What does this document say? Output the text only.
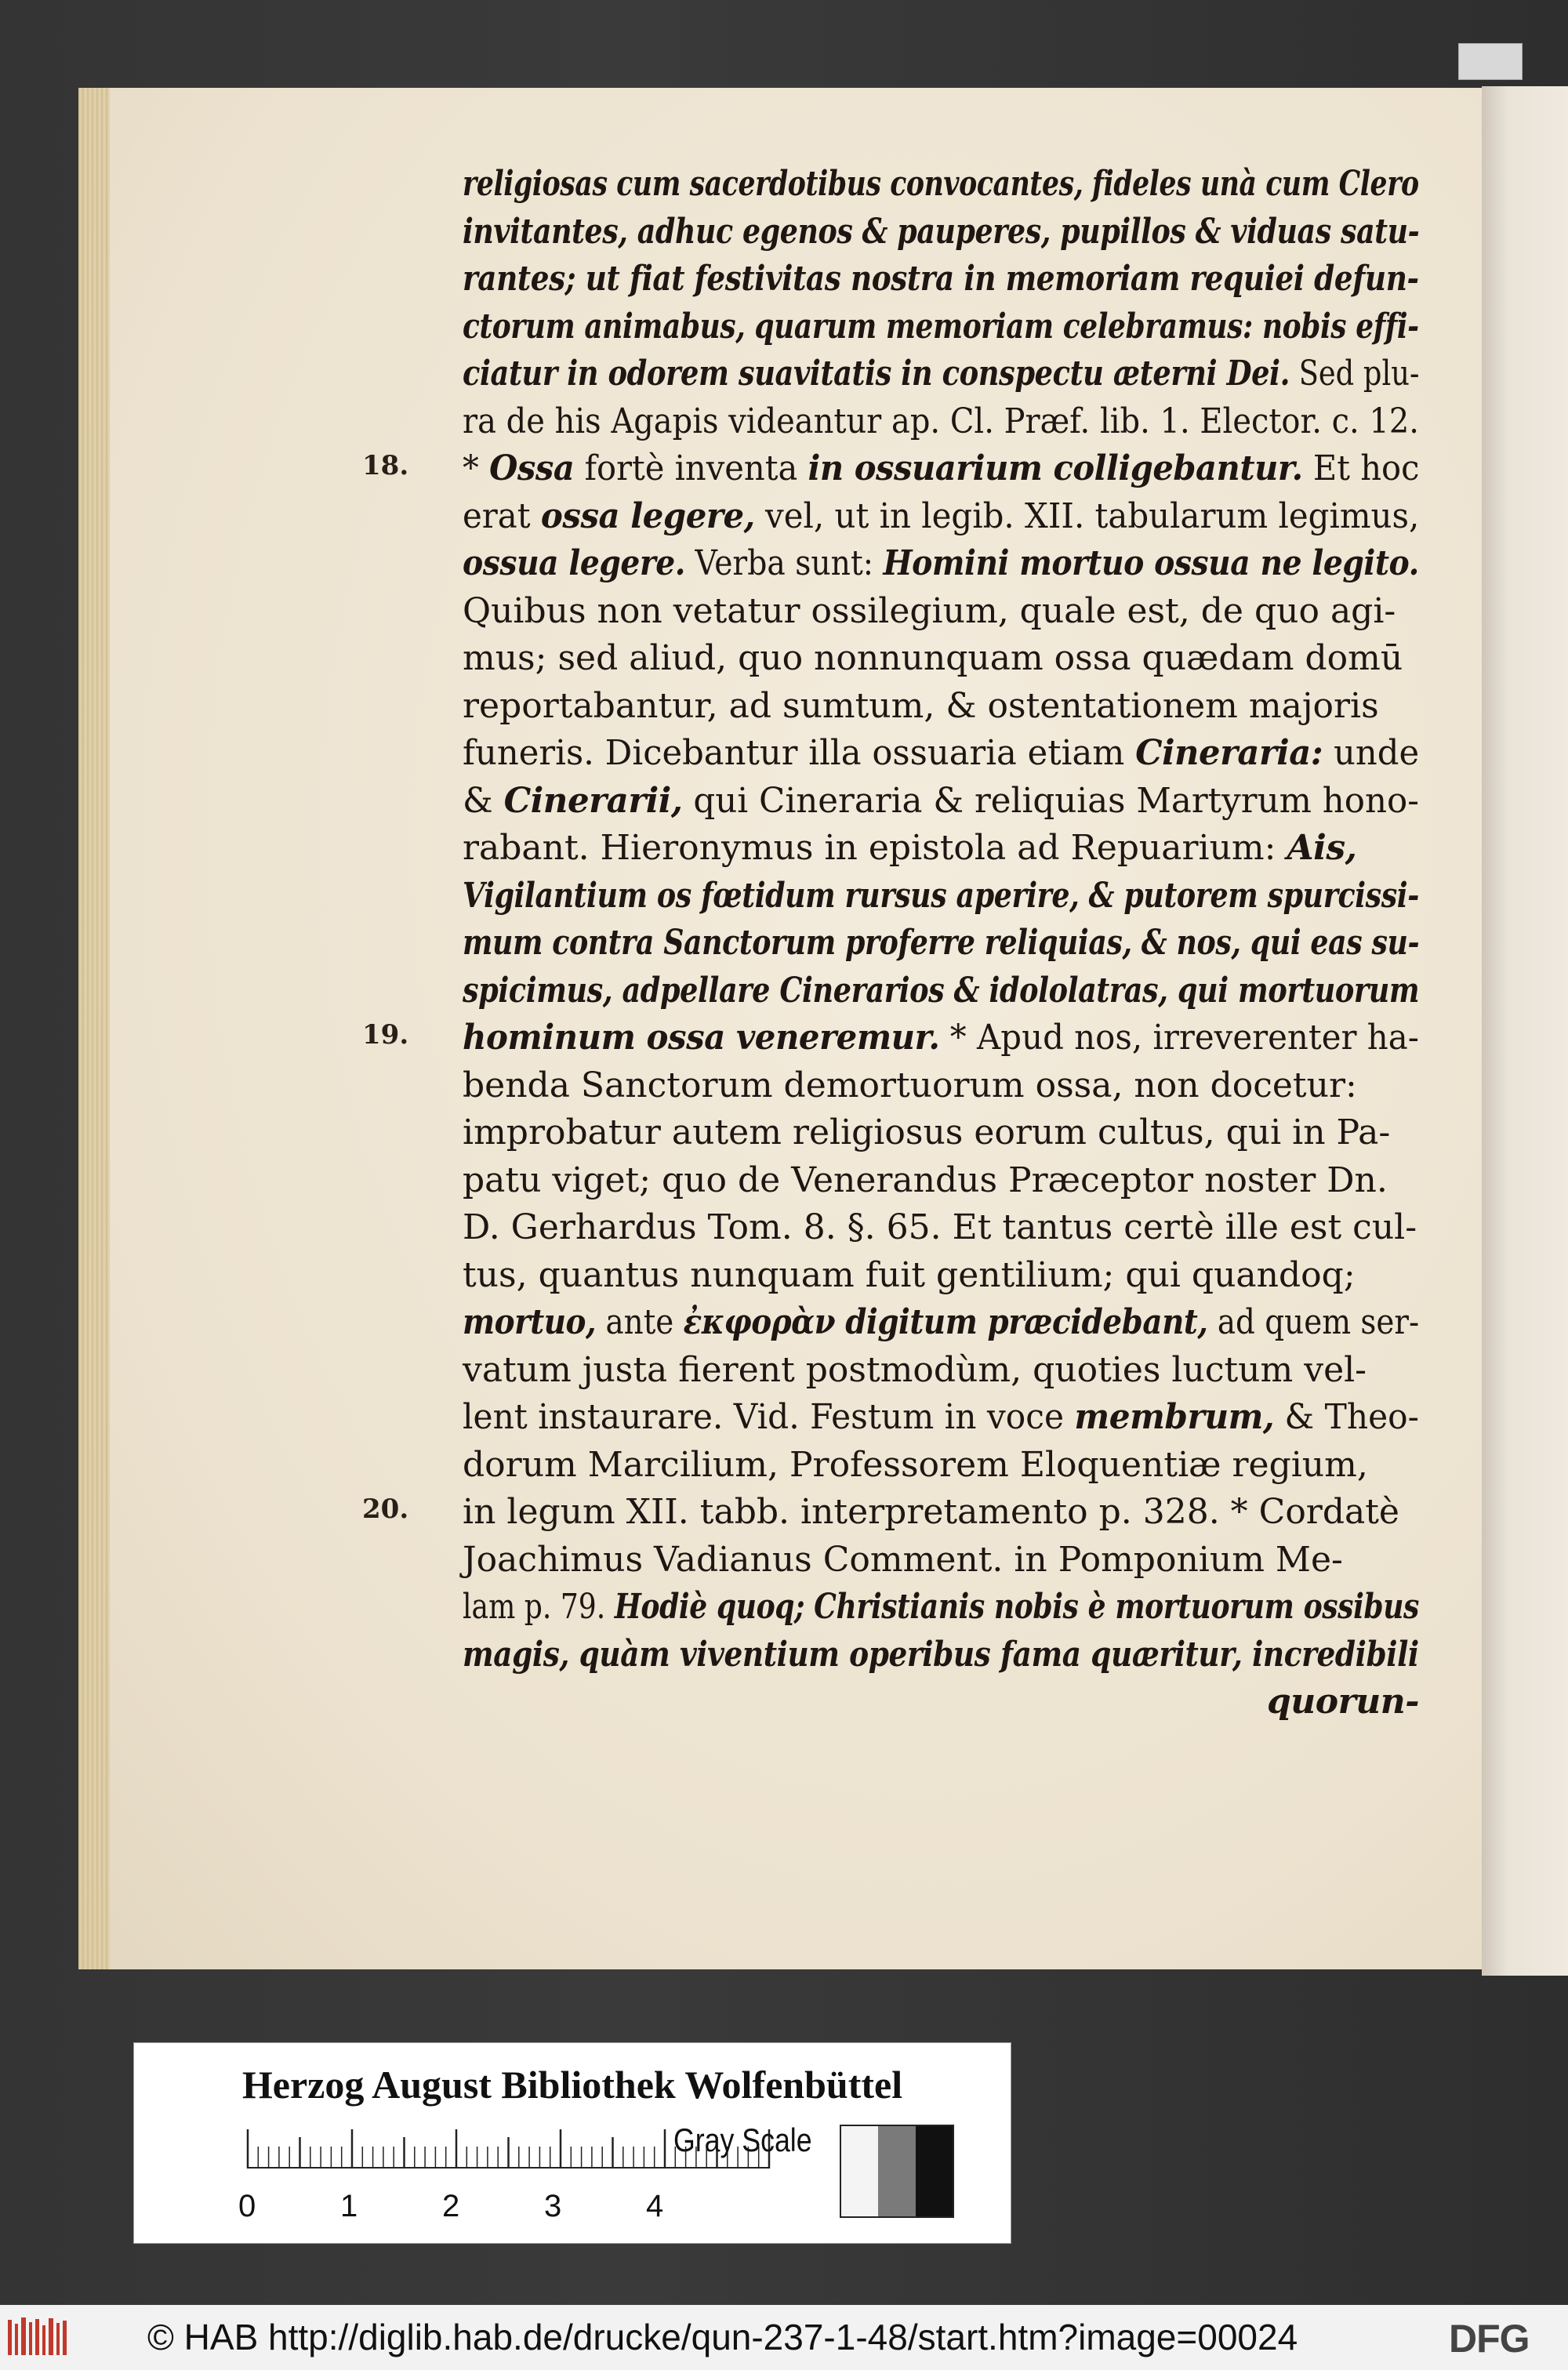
religiosas cum sacerdotibus convocantes, fideles unà cum Clero
invitantes, adhuc egenos & pauperes, pupillos & viduas satu-
rantes; ut fiat festivitas nostra in memoriam requiei defun-
ctorum animabus, quarum memoriam celebramus: nobis effi-
ciatur in odorem suavitatis in conspectu æterni Dei. Sed plu-
ra de his Agapis videantur ap. Cl. Præf. lib. 1. Elector. c. 12.
* Ossa fortè inventa in ossuarium colligebantur. Et hoc
erat ossa legere, vel, ut in legib. XII. tabularum legimus,
ossua legere. Verba sunt: Homini mortuo ossua ne legito.
Quibus non vetatur ossilegium, quale est, de quo agi-
mus; sed aliud, quo nonnunquam ossa quædam domū
reportabantur, ad sumtum, & ostentationem majoris
funeris. Dicebantur illa ossuaria etiam Cineraria: unde
& Cinerarii, qui Cineraria & reliquias Martyrum hono-
rabant. Hieronymus in epistola ad Repuarium: Ais,
Vigilantium os fœtidum rursus aperire, & putorem spurcissi-
mum contra Sanctorum proferre reliquias, & nos, qui eas su-
spicimus, adpellare Cinerarios & idololatras, qui mortuorum
hominum ossa veneremur. * Apud nos, irreverenter ha-
benda Sanctorum demortuorum ossa, non docetur:
improbatur autem religiosus eorum cultus, qui in Pa-
patu viget; quo de Venerandus Præceptor noster Dn.
D. Gerhardus Tom. 8. §. 65. Et tantus certè ille est cul-
tus, quantus nunquam fuit gentilium; qui quandoq;
mortuo, ante ἐκφορὰν digitum præcidebant, ad quem ser-
vatum justa fierent postmodùm, quoties luctum vel-
lent instaurare. Vid. Festum in voce membrum, & Theo-
dorum Marcilium, Professorem Eloquentiæ regium,
in legum XII. tabb. interpretamento p. 328. * Cordatè
Joachimus Vadianus Comment. in Pomponium Me-
lam p. 79. Hodiè quoq; Christianis nobis è mortuorum ossibus
magis, quàm viventium operibus fama quæritur, incredibili
quorun-
18.
19.
20.
Herzog August Bibliothek Wolfenbüttel
0	1	2	3	4
Gray Scale
© HAB http://diglib.hab.de/drucke/qun-237-1-48/start.htm?image=00024	DFG
